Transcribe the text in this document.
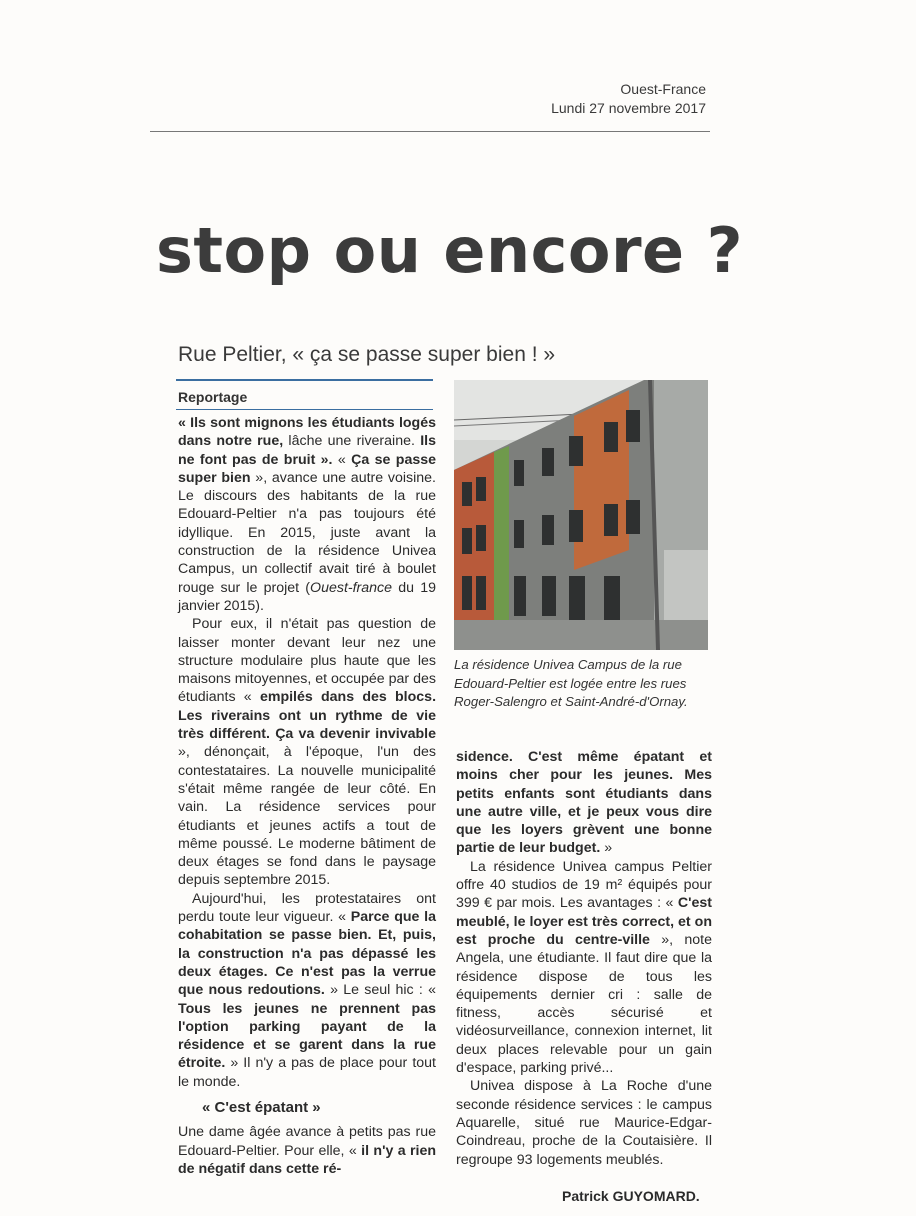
Ouest-France
Lundi 27 novembre 2017
stop ou encore ?
Rue Peltier, « ça se passe super bien ! »
Reportage

« Ils sont mignons les étudiants logés dans notre rue, lâche une riveraine. Ils ne font pas de bruit ». « Ça se passe super bien », avance une autre voisine. Le discours des habitants de la rue Edouard-Peltier n'a pas toujours été idyllique. En 2015, juste avant la construction de la résidence Univea Campus, un collectif avait tiré à boulet rouge sur le projet (Ouest-france du 19 janvier 2015).

Pour eux, il n'était pas question de laisser monter devant leur nez une structure modulaire plus haute que les maisons mitoyennes, et occupée par des étudiants « empilés dans des blocs. Les riverains ont un rythme de vie très différent. Ça va devenir invivable », dénonçait, à l'époque, l'un des contestataires. La nouvelle municipalité s'était même rangée de leur côté. En vain. La résidence services pour étudiants et jeunes actifs a tout de même poussé. Le moderne bâtiment de deux étages se fond dans le paysage depuis septembre 2015.

Aujourd'hui, les protestataires ont perdu toute leur vigueur. « Parce que la cohabitation se passe bien. Et, puis, la construction n'a pas dépassé les deux étages. Ce n'est pas la verrue que nous redoutions. » Le seul hic : « Tous les jeunes ne prennent pas l'option parking payant de la résidence et se garent dans la rue étroite. » Il n'y a pas de place pour tout le monde.

« C'est épatant »

Une dame âgée avance à petits pas rue Edouard-Peltier. Pour elle, « il n'y a rien de négatif dans cette ré-

La résidence Univea Campus de la rue Edouard-Peltier est logée entre les rues Roger-Salengro et Saint-André-d'Ornay.

sidence. C'est même épatant et moins cher pour les jeunes. Mes petits enfants sont étudiants dans une autre ville, et je peux vous dire que les loyers grèvent une bonne partie de leur budget. »

La résidence Univea campus Peltier offre 40 studios de 19 m² équipés pour 399 € par mois. Les avantages : « C'est meublé, le loyer est très correct, et on est proche du centre-ville », note Angela, une étudiante. Il faut dire que la résidence dispose de tous les équipements dernier cri : salle de fitness, accès sécurisé et vidéosurveillance, connexion internet, lit deux places relevable pour un gain d'espace, parking privé...

Univea dispose à La Roche d'une seconde résidence services : le campus Aquarelle, situé rue Maurice-Edgar-Coindreau, proche de la Coutaisière. Il regroupe 93 logements meublés.

Patrick GUYOMARD.
